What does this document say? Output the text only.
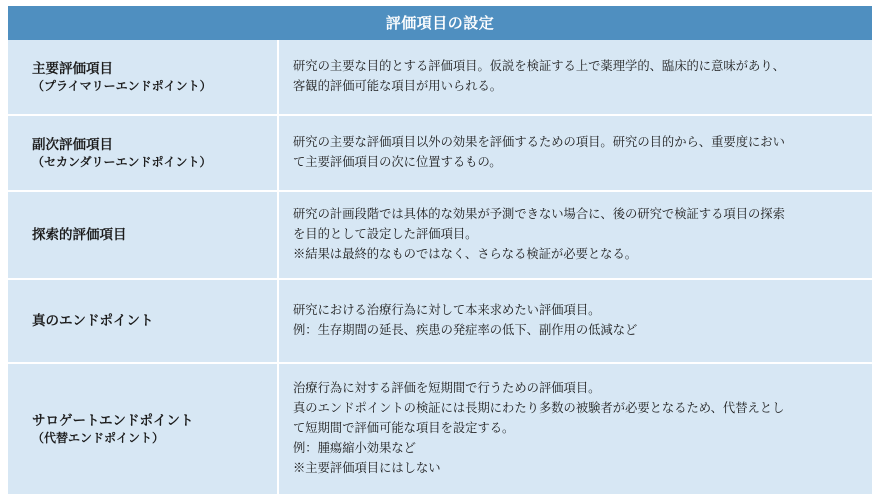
評価項目の設定	

主要評価項目
（プライマリーエンドポイント）	研究の主要な目的とする評価項目。仮説を検証する上で薬理学的、臨床的に意味があり、
客観的評価可能な項目が用いられる。

副次評価項目
（セカンダリーエンドポイント）	研究の主要な評価項目以外の効果を評価するための項目。研究の目的から、重要度におい
て主要評価項目の次に位置するもの。

探索的評価項目	研究の計画段階では具体的な効果が予測できない場合に、後の研究で検証する項目の探索
を目的として設定した評価項目。
※結果は最終的なものではなく、さらなる検証が必要となる。

真のエンドポイント	研究における治療行為に対して本来求めたい評価項目。
例：生存期間の延長、疾患の発症率の低下、副作用の低減など

サロゲートエンドポイント
（代替エンドポイント）	治療行為に対する評価を短期間で行うための評価項目。
真のエンドポイントの検証には長期にわたり多数の被験者が必要となるため、代替えとし
て短期間で評価可能な項目を設定する。
例：腫瘍縮小効果など
※主要評価項目にはしない
